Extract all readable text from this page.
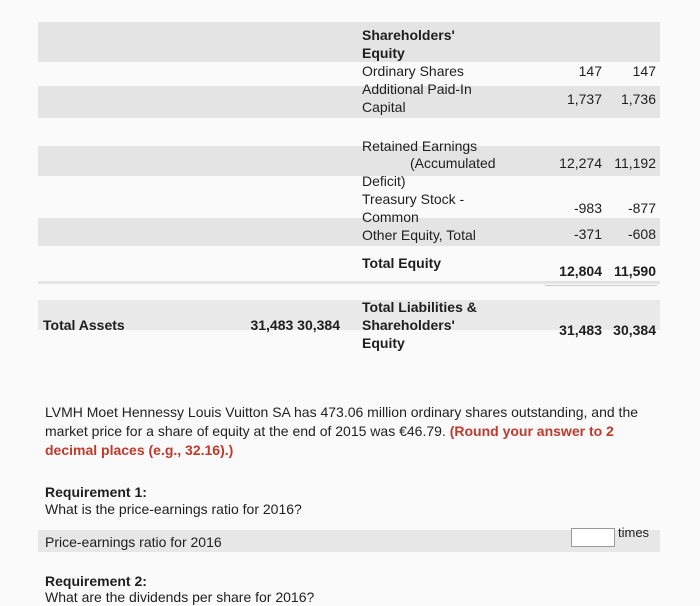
Shareholders' Equity
Ordinary Shares	147	147
Additional Paid-In
Capital	1,737	1,736
Retained Earnings
(Accumulated
Deficit)
12,274 11,192
Treasury Stock -
Common
-983	-877
Other Equity, Total	-371	-608
Total Equity	12,804 11,590
Total Assets	31,483 30,384
Total Liabilities &
Shareholders'
Equity
31,483 30,384
LVMH Moet Hennessy Louis Vuitton SA has 473.06 million ordinary shares outstanding, and the market price for a share of equity at the end of 2015 was €46.79. (Round your answer to 2 decimal places (e.g., 32.16).)
Requirement 1:
What is the price-earnings ratio for 2016?
Price-earnings ratio for 2016
times
Requirement 2:
What are the dividends per share for 2016?
